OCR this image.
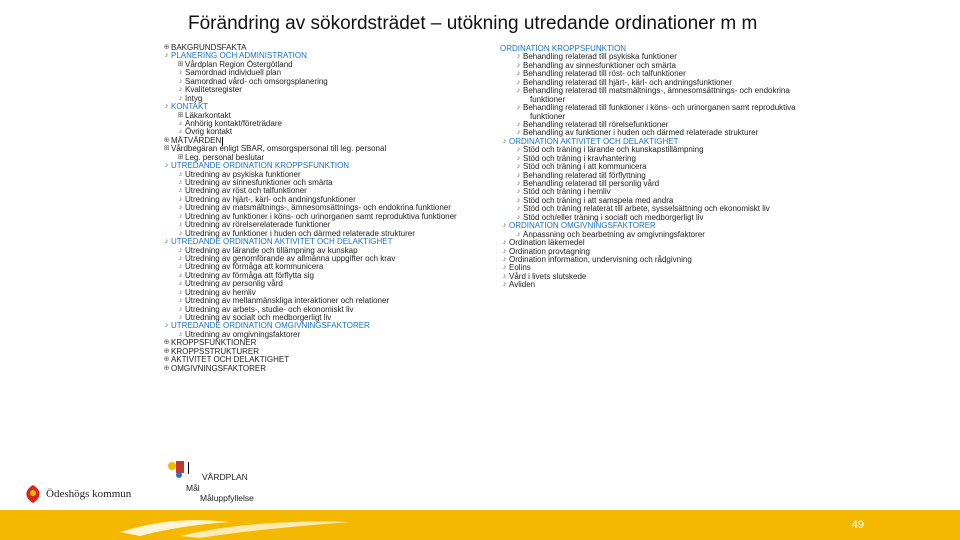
Förändring av sökordsträdet – utökning utredande ordinationer m m
⊕ BAKGRUNDSFAKTA
♪ PLANERING OCH ADMINISTRATION
⊞ Vårdplan Region Östergötland
♪ Samordnad individuell plan
♪ Samordnad vård- och omsorgsplanering
♪ Kvalitetsregister
♪ Intyg
♪ KONTAKT
⊞ Läkarkontakt
♪ Anhörig kontakt/företrädare
♪ Övrig kontakt
⊕ MÄTVÄRDEN
⊞ Vårdbegäran enligt SBAR, omsorgspersonal till leg. personal
⊞ Leg. personal beslutar
♪ UTREDANDE ORDINATION KROPPSFUNKTION
♪ Utredning av psykiska funktioner
♪ Utredning av sinnesfunktioner och smärta
♪ Utredning av röst och talfunktioner
♪ Utredning av hjärt-, kärl- och andningsfunktioner
♪ Utredning av matsmältnings-, ämnesomsättnings- och endokrina funktioner
♪ Utredning av funktioner i köns- och urinorganen samt reproduktiva funktioner
♪ Utredning av rörelserelaterade funktioner
♪ Utredning av funktioner i huden och därmed relaterade strukturer
♪ UTREDANDE ORDINATION AKTIVITET OCH DELAKTIGHET
♪ Utredning av lärande och tillämpning av kunskap
♪ Utredning av genomförande av allmänna uppgifter och krav
♪ Utredning av förmåga att kommunicera
♪ Utredning av förmåga att förflytta sig
♪ Utredning av personlig vård
♪ Utredning av hemliv
♪ Utredning av mellanmänskliga interaktioner och relationer
♪ Utredning av arbets-, studie- och ekonomiskt liv
♪ Utredning av socialt och medborgerligt liv
♪ UTREDANDE ORDINATION OMGIVNINGSFAKTORER
♪ Utredning av omgivningsfaktorer
⊕ KROPPSFUNKTIONER
⊕ KROPPSSTRUKTURER
⊕ AKTIVITET OCH DELAKTIGHET
⊕ OMGIVNINGSFAKTORER
ORDINATION KROPPSFUNKTION
♪ Behandling relaterad till psykiska funktioner
♪ Behandling av sinnesfunktioner och smärta
♪ Behandling relaterad till röst- och talfunktioner
♪ Behandling relaterad till hjärt-, kärl- och andningsfunktioner
♪ Behandling relaterad till matsmältnings-, ämnesomsättnings- och endokrina
funktioner
♪ Behandling relaterad till funktioner i köns- och urinorganen samt reproduktiva
funktioner
♪ Behandling relaterad till rörelsefunktioner
♪ Behandling av funktioner i huden och därmed relaterade strukturer
♪ ORDINATION AKTIVITET OCH DELAKTIGHET
♪ Stöd och träning i lärande och kunskapstillämpning
♪ Stöd och träning i kravhantering
♪ Stöd och träning i att kommunicera
♪ Behandling relaterad till förflyttning
♪ Behandling relaterad till personlig vård
♪ Stöd och träning i hemliv
♪ Stöd och träning i att samspela med andra
♪ Stöd och träning relaterat till arbete, sysselsättning och ekonomiskt liv
♪ Stöd och/eller träning i socialt och medborgerligt liv
♪ ORDINATION OMGIVNINGSFAKTORER
♪ Anpassning och bearbetning av omgivningsfaktorer
♪ Ordination läkemedel
♪ Ordination provtagning
♪ Ordination information, undervisning och rådgivning
♪ Eolins
♪ Vård i livets slutskede
♪ Avliden
VÅRDPLAN
Mål
Måluppfyllelse
Ödeshögs kommun
49
